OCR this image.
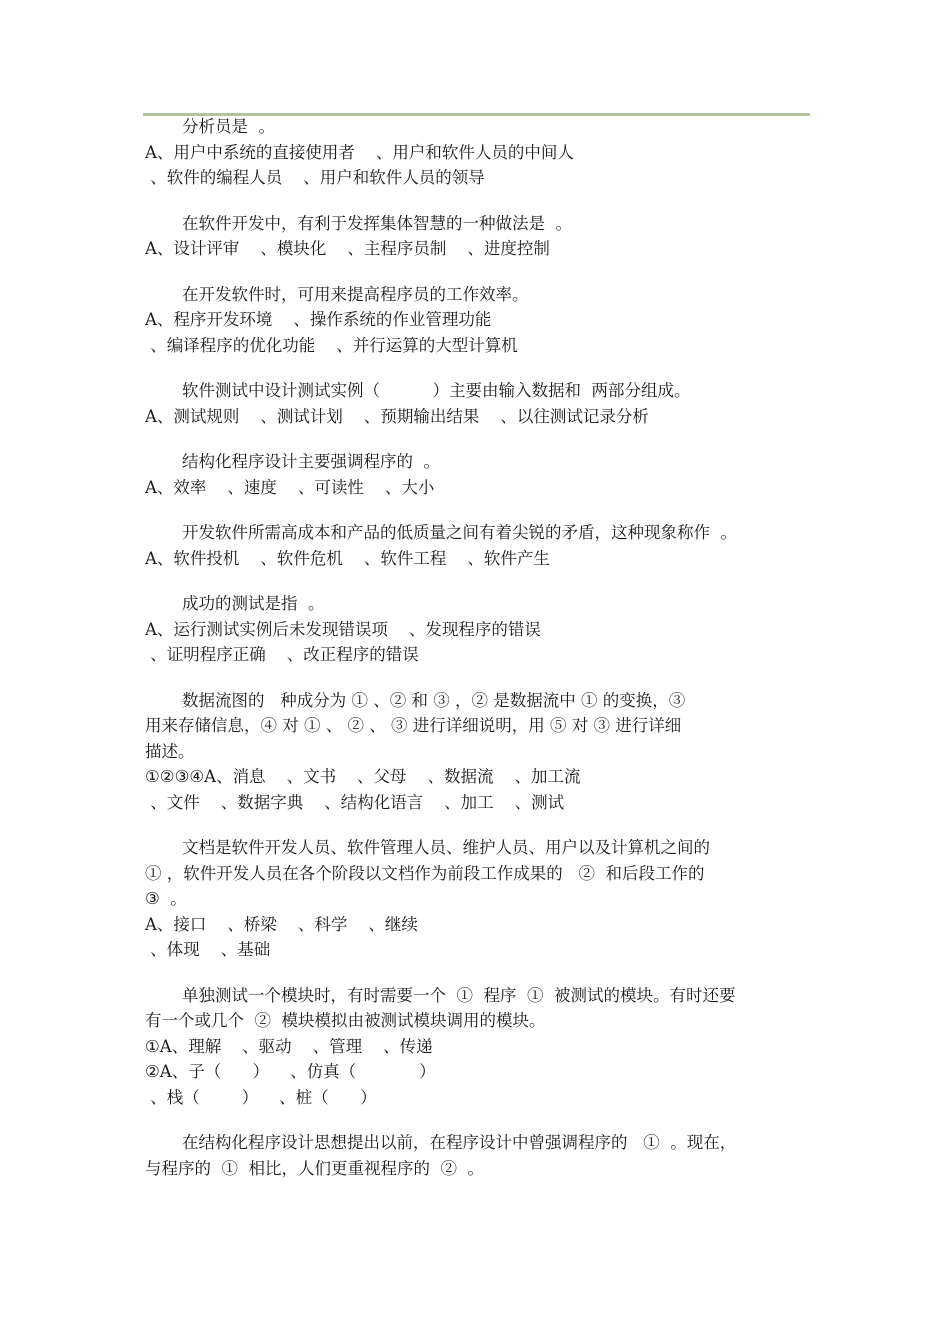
分析员是  。
A、用户中系统的直接使用者    、用户和软件人员的中间人
、软件的编程人员    、用户和软件人员的领导
在软件开发中，有利于发挥集体智慧的一种做法是  。
A、设计评审    、模块化    、主程序员制    、进度控制
在开发软件时，可用来提高程序员的工作效率。
A、程序开发环境    、操作系统的作业管理功能
、编译程序的优化功能    、并行运算的大型计算机
软件测试中设计测试实例（          ）主要由输入数据和  两部分组成。
A、测试规则    、测试计划    、预期输出结果    、以往测试记录分析
结构化程序设计主要强调程序的  。
A、效率    、速度    、可读性    、大小
开发软件所需高成本和产品的低质量之间有着尖锐的矛盾，这种现象称作  。
A、软件投机    、软件危机    、软件工程    、软件产生
成功的测试是指  。
A、运行测试实例后未发现错误项    、发现程序的错误
、证明程序正确    、改正程序的错误
数据流图的   种成分为 ① 、② 和 ③ ，② 是数据流中 ① 的变换，③
用来存储信息，④ 对 ① 、 ② 、 ③ 进行详细说明，用 ⑤ 对 ③ 进行详细
描述。
①②③④A、消息    、文书    、父母    、数据流    、加工流
、文件    、数据字典    、结构化语言    、加工    、测试
文档是软件开发人员、软件管理人员、维护人员、用户以及计算机之间的
① ，软件开发人员在各个阶段以文档作为前段工作成果的   ②  和后段工作的
③  。
A、接口    、桥梁    、科学    、继续
、体现    、基础
单独测试一个模块时，有时需要一个  ①  程序  ①  被测试的模块。有时还要
有一个或几个  ②  模块模拟由被测试模块调用的模块。
①A、理解    、驱动    、管理    、传递
②A、子（      ）    、仿真（            ）
、栈（        ）    、桩（      ）
在结构化程序设计思想提出以前，在程序设计中曾强调程序的   ①  。现在，
与程序的  ①  相比，人们更重视程序的  ②  。
